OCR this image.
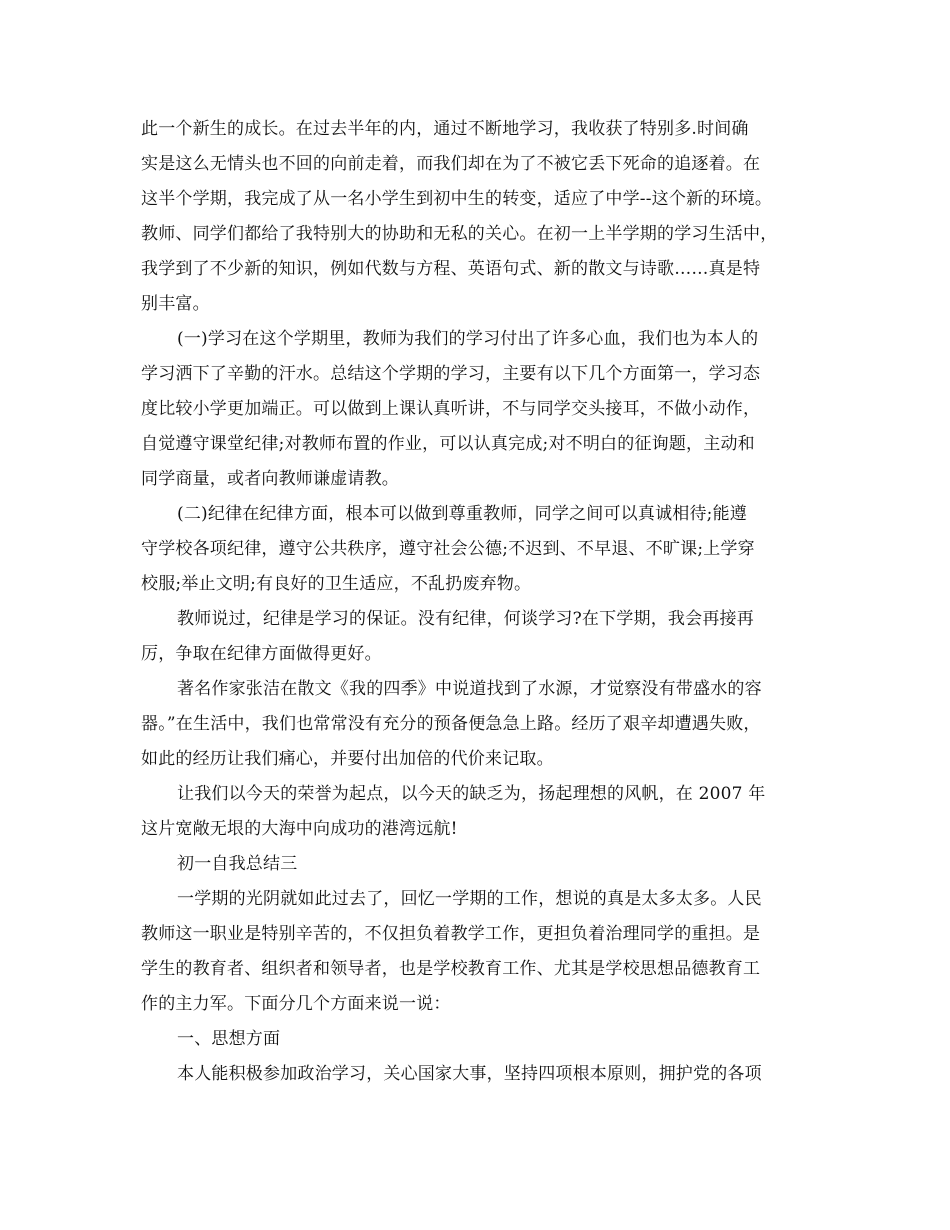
此一个新生的成长。在过去半年的内，通过不断地学习，我收获了特别多.时间确
实是这么无情头也不回的向前走着，而我们却在为了不被它丢下死命的追逐着。在
这半个学期，我完成了从一名小学生到初中生的转变，适应了中学--这个新的环境。
教师、同学们都给了我特别大的协助和无私的关心。在初一上半学期的学习生活中，
我学到了不少新的知识，例如代数与方程、英语句式、新的散文与诗歌……真是特
别丰富。
(一)学习在这个学期里，教师为我们的学习付出了许多心血，我们也为本人的
学习洒下了辛勤的汗水。总结这个学期的学习，主要有以下几个方面第一，学习态
度比较小学更加端正。可以做到上课认真听讲，不与同学交头接耳，不做小动作，
自觉遵守课堂纪律;对教师布置的作业，可以认真完成;对不明白的征询题，主动和
同学商量，或者向教师谦虚请教。
(二)纪律在纪律方面，根本可以做到尊重教师，同学之间可以真诚相待;能遵
守学校各项纪律，遵守公共秩序，遵守社会公德;不迟到、不早退、不旷课;上学穿
校服;举止文明;有良好的卫生适应，不乱扔废弃物。
教师说过，纪律是学习的保证。没有纪律，何谈学习?在下学期，我会再接再
厉，争取在纪律方面做得更好。
著名作家张洁在散文《我的四季》中说道找到了水源，才觉察没有带盛水的容
器。”在生活中，我们也常常没有充分的预备便急急上路。经历了艰辛却遭遇失败，
如此的经历让我们痛心，并要付出加倍的代价来记取。
让我们以今天的荣誉为起点，以今天的缺乏为，扬起理想的风帆，在 2007 年
这片宽敞无垠的大海中向成功的港湾远航!
初一自我总结三
一学期的光阴就如此过去了，回忆一学期的工作，想说的真是太多太多。人民
教师这一职业是特别辛苦的，不仅担负着教学工作，更担负着治理同学的重担。是
学生的教育者、组织者和领导者，也是学校教育工作、尤其是学校思想品德教育工
作的主力军。下面分几个方面来说一说：
一、思想方面
本人能积极参加政治学习，关心国家大事，坚持四项根本原则，拥护党的各项
